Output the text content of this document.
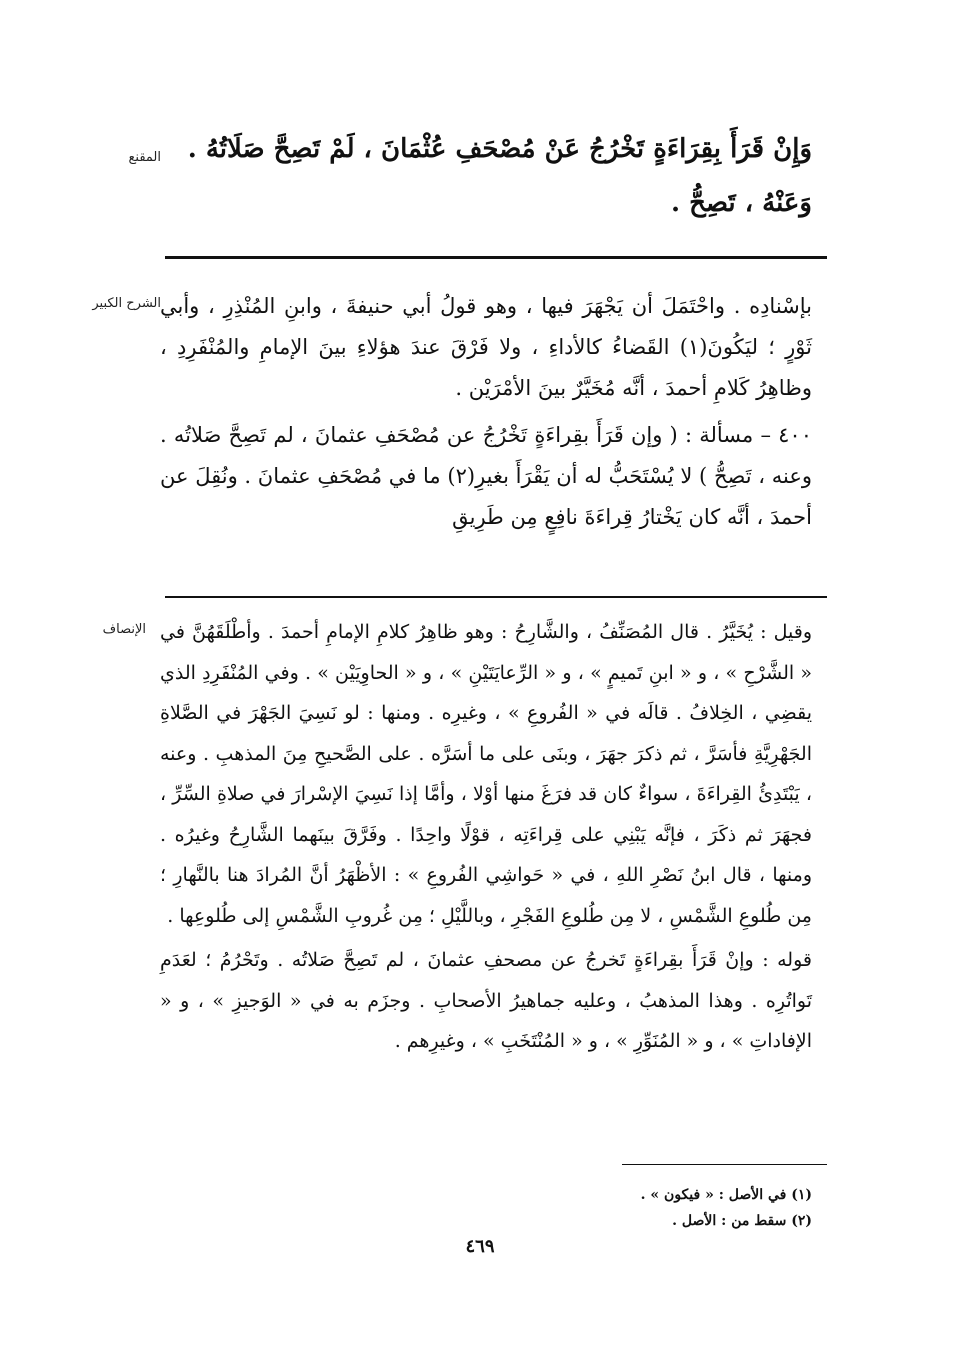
المقنع	وَإِنْ قَرَأَ بِقِرَاءَةٍ تَخْرُجُ عَنْ مُصْحَفِ عُثْمَانَ ، لَمْ تَصِحَّ صَلَاتُهُ .

وَعَنْهُ ، تَصِحُّ .

الشرح الكبير بإسْنادِه . واحْتَمَلَ أن يَجْهَرَ فيها ، وهو قولُ أبي حنيفةَ ، وابنِ المُنْذِرِ ، وأبي ثَوْرٍ ؛ ليَكُونَ(١) القَضاءُ كالأداءِ ، ولا فَرْقَ عندَ هؤلاءِ بينَ الإمامِ والمُنْفَرِدِ ، وظاهِرُ كَلامِ أحمدَ ، أنَّه مُخَيَّرٌ بينَ الأمْرَيْن .

٤٠٠ – مسألة : ( وإن قَرَأَ بقِراءَةٍ تَخْرُجُ عن مُصْحَفِ عثمانَ ، لم تَصِحَّ صَلاتُه . وعنه ، تَصِحُّ ) لا يُسْتَحَبُّ له أن يَقْرَأَ بغيرِ(٢) ما في مُصْحَفِ عثمانَ . ونُقِلَ عن أحمدَ ، أنَّه كان يَخْتارُ قِراءَةَ نافِعٍ مِن طَرِيقِ

الإنصاف وقيل : يُخَيَّرُ . قال المُصَنِّفُ ، والشَّارِحُ : وهو ظاهِرُ كلامِ الإمامِ أحمدَ . وأطْلَقَهُنَّ في « الشَّرْحِ » ، و « ابنِ تَميمٍ » ، و « الرِّعايَتَيْنِ » ، و « الحاوِيَيْن » . وفي المُنْفَرِدِ الذي يقضِي ، الخِلافُ . قالَه في « الفُروعِ » ، وغيرِه . ومنها : لو نَسِيَ الجَهْرَ في الصَّلاةِ الجَهْرِيَّةِ فأسَرَّ ، ثم ذكرَ جهَرَ ، وبنَى على ما أسَرَّه . على الصَّحيحِ مِنَ المذهبِ . وعنه ، يَبْتَدِئُ القِراءَةَ ، سواءٌ كان قد فرَغَ منها أوْلا ، وأمَّا إذا نَسِيَ الإسْرارَ في صلاةِ السِّرِّ ، فجهَرَ ثم ذكَرَ ، فإنَّه يَبْنِي على قِراءَتِه ، قوْلًا واحِدًا . وفَرَّقَ بينَهما الشَّارِحُ وغيرُه . ومنها ، قال ابنُ نَصْرِ اللهِ ، في « حَواشِي الفُروعِ » : الأظْهَرُ أنَّ المُرادَ هنا بالنَّهارِ ؛ مِن طُلوعِ الشَّمْسِ ، لا مِن طُلوعِ الفَجْرِ ، وباللَّيْلِ ؛ مِن غُروبِ الشَّمْسِ إلى طُلوعِها .

قوله : وإنْ قَرَأَ بقِراءَةٍ تَخرجُ عن مصحفِ عثمانَ ، لم تَصِحَّ صَلاتُه . وتَحْرُمُ ؛ لعَدَمِ تَواتُرِه . وهذا المذهبُ ، وعليه جماهيرُ الأصحابِ . وجزَم به في « الوَجيزِ » ، و « الإفاداتِ » ، و « المُنَوِّرِ » ، و « المُنْتَخَبِ » ، وغيرِهم .

(١) في الأصل : « فيكون » .

(٢) سقط من : الأصل .

٤٦٩
